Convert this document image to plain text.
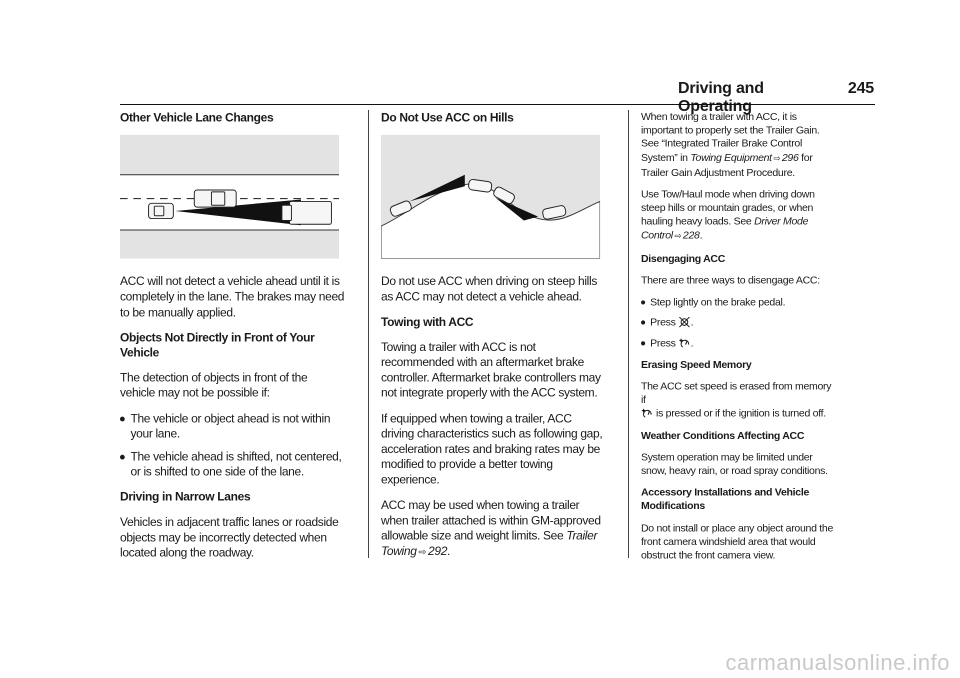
Driving and Operating
245
Other Vehicle Lane Changes

ACC will not detect a vehicle ahead until it is completely in the lane. The brakes may need to be manually applied.

Objects Not Directly in Front of Your Vehicle

The detection of objects in front of the vehicle may not be possible if:

The vehicle or object ahead is not within your lane.
The vehicle ahead is shifted, not centered, or is shifted to one side of the lane.
Driving in Narrow Lanes

Vehicles in adjacent traffic lanes or roadside objects may be incorrectly detected when located along the roadway.

Do Not Use ACC on Hills

Do not use ACC when driving on steep hills as ACC may not detect a vehicle ahead.

Towing with ACC

Towing a trailer with ACC is not recommended with an aftermarket brake controller. Aftermarket brake controllers may not integrate properly with the ACC system.

If equipped when towing a trailer, ACC driving characteristics such as following gap, acceleration rates and braking rates may be modified to provide a better towing experience.

ACC may be used when towing a trailer when trailer attached is within GM-approved allowable size and weight limits. See Trailer Towing ⇨ 292.

When towing a trailer with ACC, it is important to properly set the Trailer Gain. See “Integrated Trailer Brake Control System” in Towing Equipment ⇨ 296 for Trailer Gain Adjustment Procedure.

Use Tow/Haul mode when driving down steep hills or mountain grades, or when hauling heavy loads. See Driver Mode Control ⇨ 228.

Disengaging ACC

There are three ways to disengage ACC:

Step lightly on the brake pedal.
Press .
Press .
Erasing Speed Memory

The ACC set speed is erased from memory if
is pressed or if the ignition is turned off.

Weather Conditions Affecting ACC

System operation may be limited under snow, heavy rain, or road spray conditions.

Accessory Installations and Vehicle Modifications

Do not install or place any object around the front camera windshield area that would obstruct the front camera view.

carmanualsonline.info
